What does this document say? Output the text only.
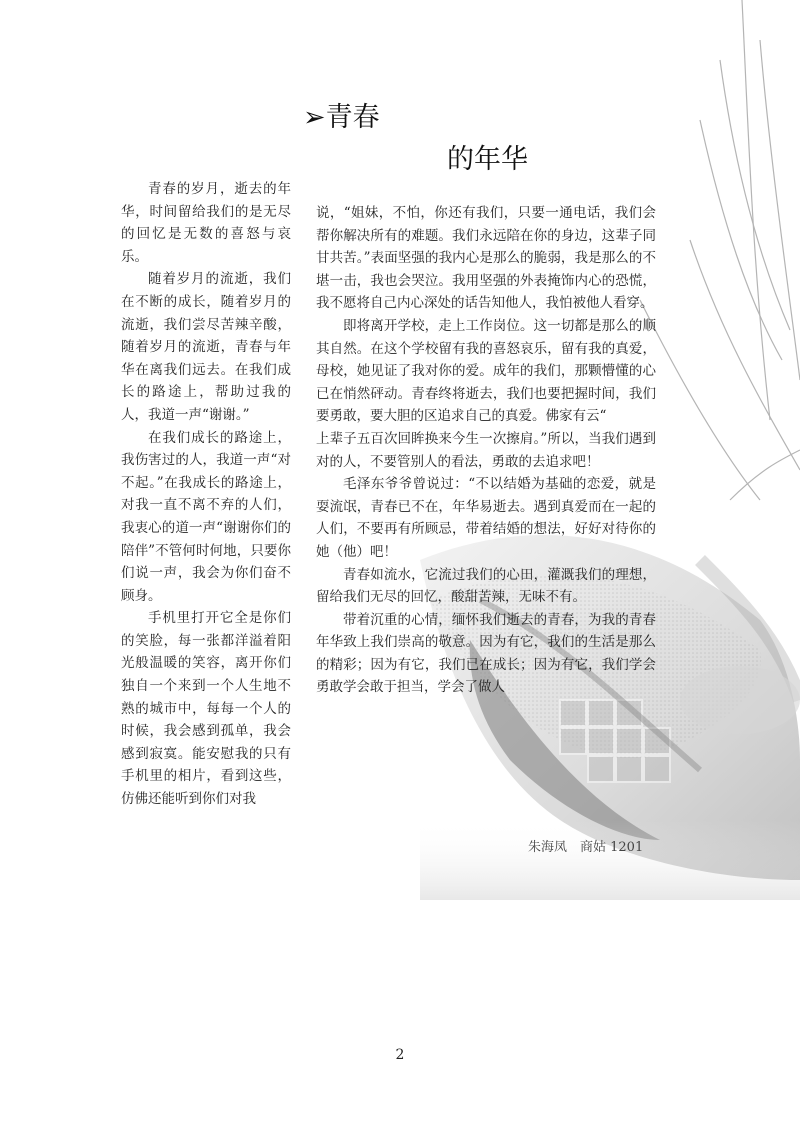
➢青春
的年华

青春的岁月，逝去的年华，时间留给我们的是无尽的回忆是无数的喜怒与哀乐。

随着岁月的流逝，我们在不断的成长，随着岁月的流逝，我们尝尽苦辣辛酸，随着岁月的流逝，青春与年华在离我们远去。在我们成长的路途上，帮助过我的人，我道一声“谢谢。”

在我们成长的路途上，我伤害过的人，我道一声“对不起。”在我成长的路途上，对我一直不离不弃的人们，我衷心的道一声“谢谢你们的陪伴”不管何时何地，只要你们说一声，我会为你们奋不顾身。

手机里打开它全是你们的笑脸，每一张都洋溢着阳光般温暖的笑容，离开你们独自一个来到一个人生地不熟的城市中，每每一个人的时候，我会感到孤单，我会感到寂寞。能安慰我的只有手机里的相片，看到这些，仿佛还能听到你们对我

说，“姐妹，不怕，你还有我们，只要一通电话，我们会帮你解决所有的难题。我们永远陪在你的身边，这辈子同甘共苦。”表面坚强的我内心是那么的脆弱，我是那么的不堪一击，我也会哭泣。我用坚强的外表掩饰内心的恐慌，我不愿将自己内心深处的话告知他人，我怕被他人看穿。

即将离开学校，走上工作岗位。这一切都是那么的顺其自然。在这个学校留有我的喜怒哀乐，留有我的真爱，母校，她见证了我对你的爱。成年的我们，那颗懵懂的心已在悄然砰动。青春终将逝去，我们也要把握时间，我们要勇敢，要大胆的区追求自己的真爱。佛家有云“

上辈子五百次回眸换来今生一次擦肩。”所以，当我们遇到对的人，不要管别人的看法，勇敢的去追求吧！

毛泽东爷爷曾说过：“不以结婚为基础的恋爱，就是耍流氓，青春已不在，年华易逝去。遇到真爱而在一起的人们，不要再有所顾忌，带着结婚的想法，好好对待你的她（他）吧！

青春如流水，它流过我们的心田，灌溉我们的理想，留给我们无尽的回忆，酸甜苦辣，无味不有。

带着沉重的心情，缅怀我们逝去的青春，为我的青春年华致上我们崇高的敬意。因为有它，我们的生活是那么的精彩；因为有它，我们已在成长；因为有它，我们学会勇敢学会敢于担当，学会了做人

朱海凤　商姑 1201
2
